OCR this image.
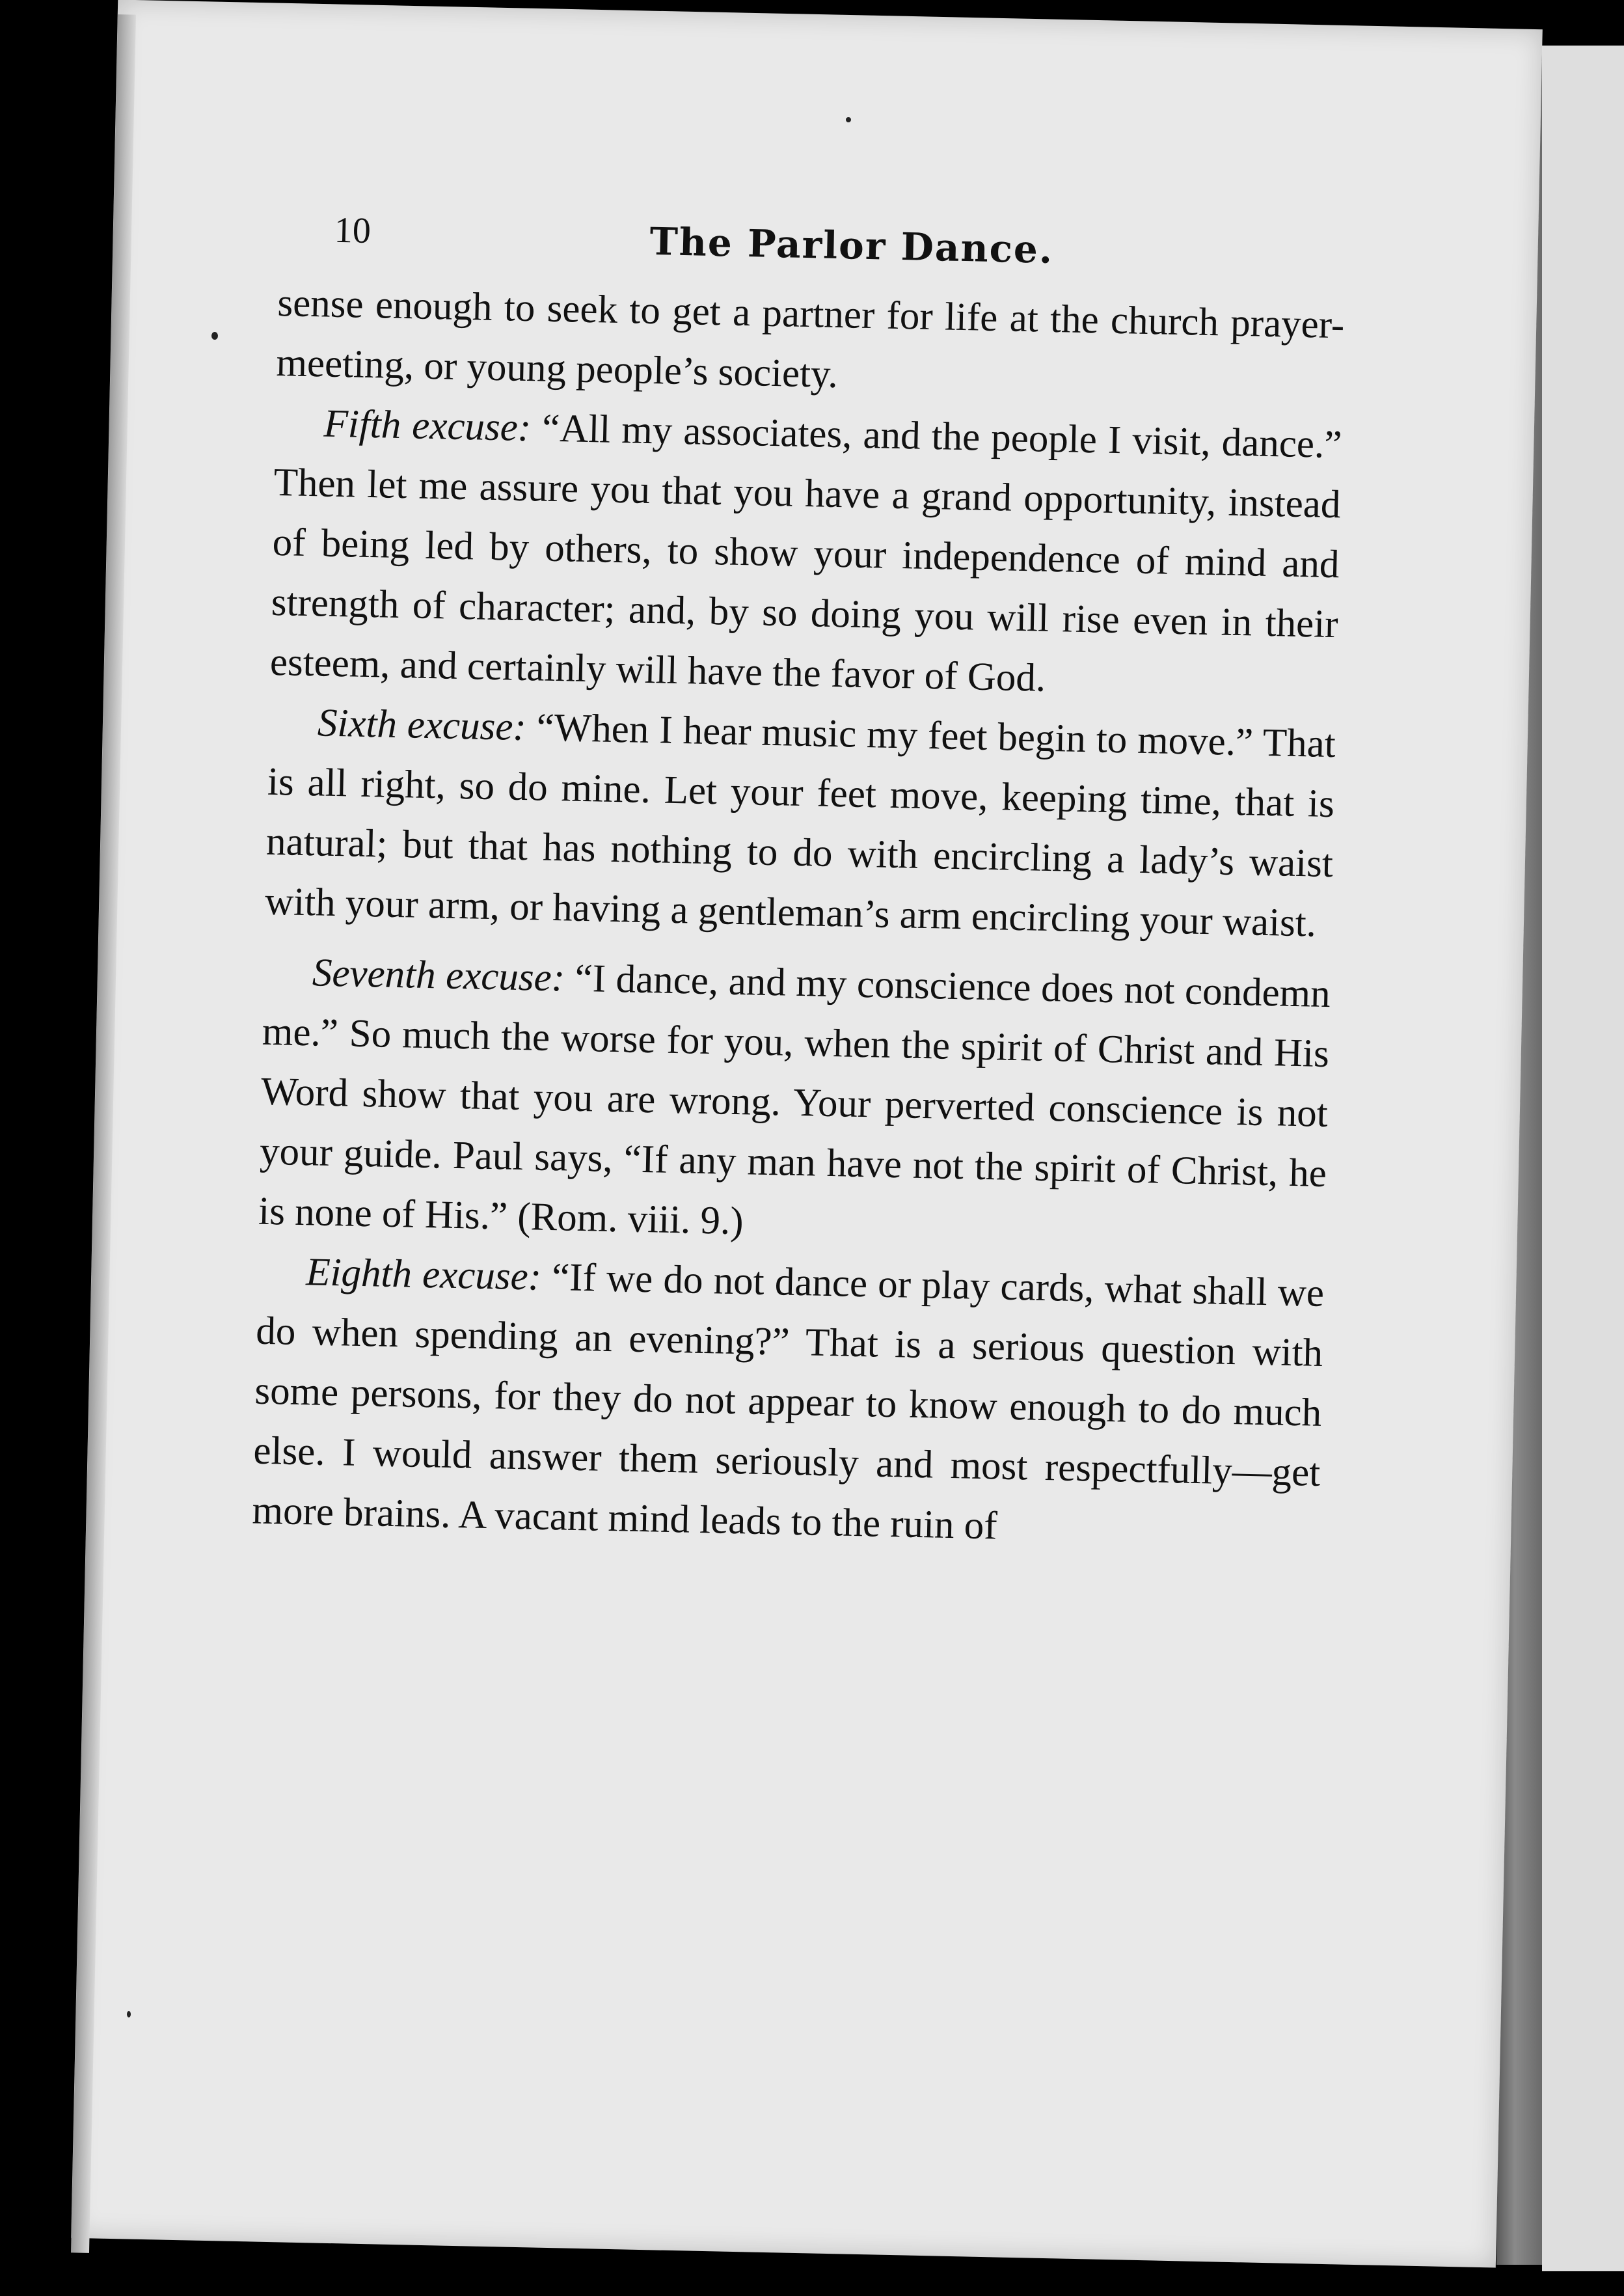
10	The Parlor Dance.

sense enough to seek to get a partner for life at the church prayer-meeting, or young people’s society.

Fifth excuse: “All my associates, and the people I visit, dance.” Then let me assure you that you have a grand opportunity, instead of being led by others, to show your independence of mind and strength of character; and, by so doing you will rise even in their esteem, and certainly will have the favor of God.

Sixth excuse: “When I hear music my feet begin to move.” That is all right, so do mine. Let your feet move, keeping time, that is natural; but that has nothing to do with encircling a lady’s waist with your arm, or having a gentleman’s arm encircling your waist.

Seventh excuse: “I dance, and my conscience does not condemn me.” So much the worse for you, when the spirit of Christ and His Word show that you are wrong. Your perverted conscience is not your guide. Paul says, “If any man have not the spirit of Christ, he is none of His.” (Rom. viii. 9.)

Eighth excuse: “If we do not dance or play cards, what shall we do when spending an evening?” That is a serious question with some persons, for they do not appear to know enough to do much else. I would answer them seriously and most respectfully—get more brains. A vacant mind leads to the ruin of
